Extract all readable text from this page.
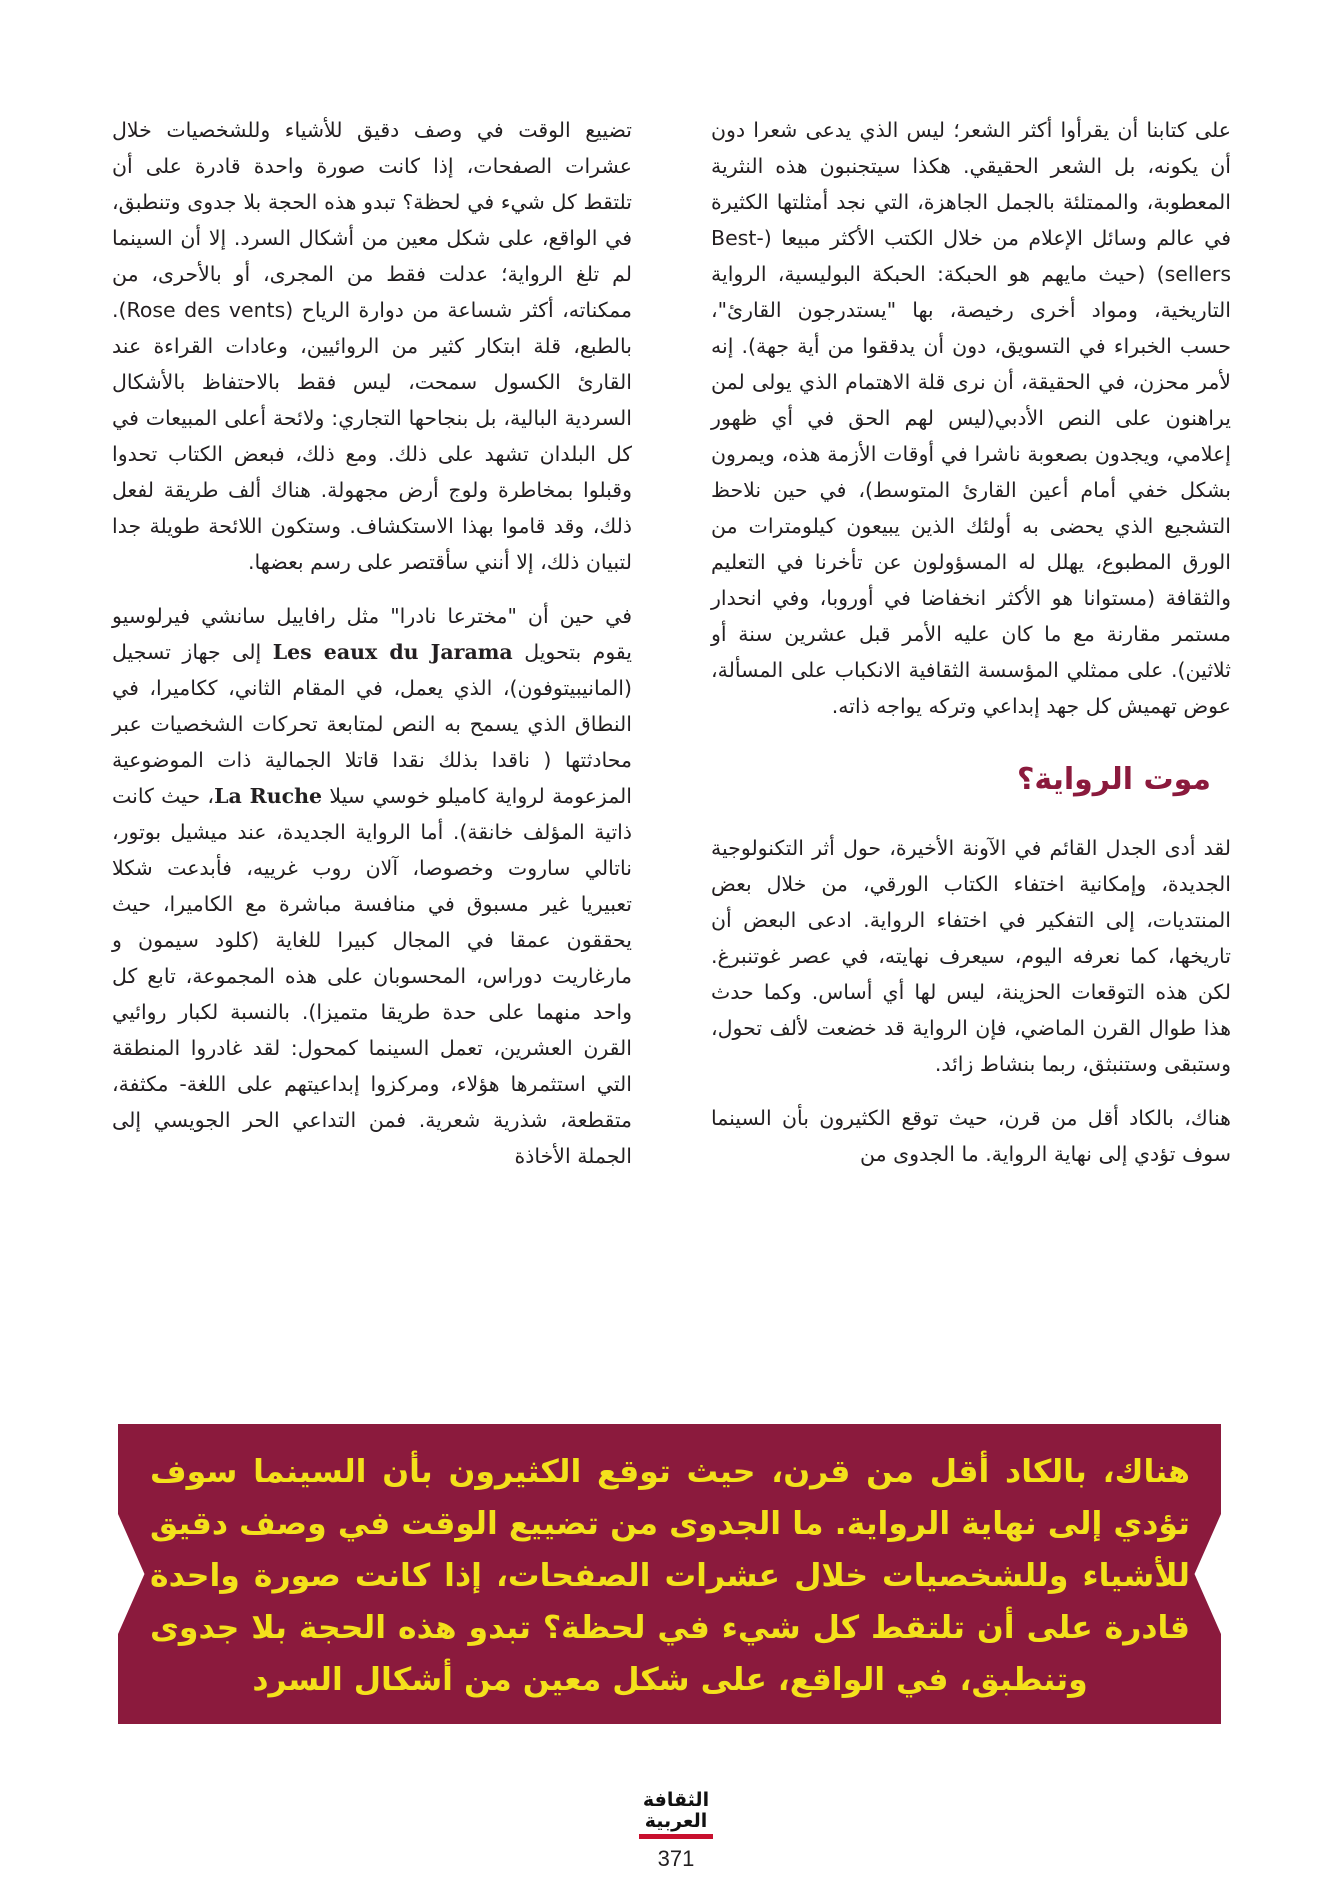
على كتابنا أن يقرأوا أكثر الشعر؛ ليس الذي يدعى شعرا دون أن يكونه، بل الشعر الحقيقي. هكذا سيتجنبون هذه النثرية المعطوبة، والممتلئة بالجمل الجاهزة، التي نجد أمثلتها الكثيرة في عالم وسائل الإعلام من خلال الكتب الأكثر مبيعا (Best-sellers) (حيث مايهم هو الحبكة: الحبكة البوليسية، الرواية التاريخية، ومواد أخرى رخيصة، بها "يستدرجون القارئ"، حسب الخبراء في التسويق، دون أن يدققوا من أية جهة). إنه لأمر محزن، في الحقيقة، أن نرى قلة الاهتمام الذي يولى لمن يراهنون على النص الأدبي(ليس لهم الحق في أي ظهور إعلامي، ويجدون بصعوبة ناشرا في أوقات الأزمة هذه، ويمرون بشكل خفي أمام أعين القارئ المتوسط)، في حين نلاحظ التشجيع الذي يحضى به أولئك الذين يبيعون كيلومترات من الورق المطبوع، يهلل له المسؤولون عن تأخرنا في التعليم والثقافة (مستوانا هو الأكثر انخفاضا في أوروبا، وفي انحدار مستمر مقارنة مع ما كان عليه الأمر قبل عشرين سنة أو ثلاثين). على ممثلي المؤسسة الثقافية الانكباب على المسألة، عوض تهميش كل جهد إبداعي وتركه يواجه ذاته.

موت الرواية؟

لقد أدى الجدل القائم في الآونة الأخيرة، حول أثر التكنولوجية الجديدة، وإمكانية اختفاء الكتاب الورقي، من خلال بعض المنتديات، إلى التفكير في اختفاء الرواية. ادعى البعض أن تاريخها، كما نعرفه اليوم، سيعرف نهايته، في عصر غوتنبرغ. لكن هذه التوقعات الحزينة، ليس لها أي أساس. وكما حدث هذا طوال القرن الماضي، فإن الرواية قد خضعت لألف تحول، وستبقى وستنبثق، ربما بنشاط زائد.

هناك، بالكاد أقل من قرن، حيث توقع الكثيرون بأن السينما سوف تؤدي إلى نهاية الرواية. ما الجدوى من

تضييع الوقت في وصف دقيق للأشياء وللشخصيات خلال عشرات الصفحات، إذا كانت صورة واحدة قادرة على أن تلتقط كل شيء في لحظة؟ تبدو هذه الحجة بلا جدوى وتنطبق، في الواقع، على شكل معين من أشكال السرد. إلا أن السينما لم تلغ الرواية؛ عدلت فقط من المجرى، أو بالأحرى، من ممكناته، أكثر شساعة من دوارة الرياح (Rose des vents). بالطبع، قلة ابتكار كثير من الروائيين، وعادات القراءة عند القارئ الكسول سمحت، ليس فقط بالاحتفاظ بالأشكال السردية البالية، بل بنجاحها التجاري: ولائحة أعلى المبيعات في كل البلدان تشهد على ذلك. ومع ذلك، فبعض الكتاب تحدوا وقبلوا بمخاطرة ولوج أرض مجهولة. هناك ألف طريقة لفعل ذلك، وقد قاموا بهذا الاستكشاف. وستكون اللائحة طويلة جدا لتبيان ذلك، إلا أنني سأقتصر على رسم بعضها.

في حين أن "مخترعا نادرا" مثل رافاييل سانشي فيرلوسيو يقوم بتحويل Les eaux du Jarama إلى جهاز تسجيل (المانيبيتوفون)، الذي يعمل، في المقام الثاني، ككاميرا، في النطاق الذي يسمح به النص لمتابعة تحركات الشخصيات عبر محادثتها ( ناقدا بذلك نقدا قاتلا الجمالية ذات الموضوعية المزعومة لرواية كاميلو خوسي سيلا La Ruche، حيث كانت ذاتية المؤلف خانقة). أما الرواية الجديدة، عند ميشيل بوتور، ناتالي ساروت وخصوصا، آلان روب غرييه، فأبدعت شكلا تعبيريا غير مسبوق في منافسة مباشرة مع الكاميرا، حيث يحققون عمقا في المجال كبيرا للغاية (كلود سيمون و مارغاريت دوراس، المحسوبان على هذه المجموعة، تابع كل واحد منهما على حدة طريقا متميزا). بالنسبة لكبار روائيي القرن العشرين، تعمل السينما كمحول: لقد غادروا المنطقة التي استثمرها هؤلاء، ومركزوا إبداعيتهم على اللغة- مكثفة، متقطعة، شذرية شعرية. فمن التداعي الحر الجويسي إلى الجملة الأخاذة

هناك، بالكاد أقل من قرن، حيث توقع الكثيرون بأن السينما سوف تؤدي إلى نهاية الرواية. ما الجدوى من تضييع الوقت في وصف دقيق للأشياء وللشخصيات خلال عشرات الصفحات، إذا كانت صورة واحدة قادرة على أن تلتقط كل شيء في لحظة؟ تبدو هذه الحجة بلا جدوى وتنطبق، في الواقع، على شكل معين من أشكال السرد
الثقافة
العربية
371
